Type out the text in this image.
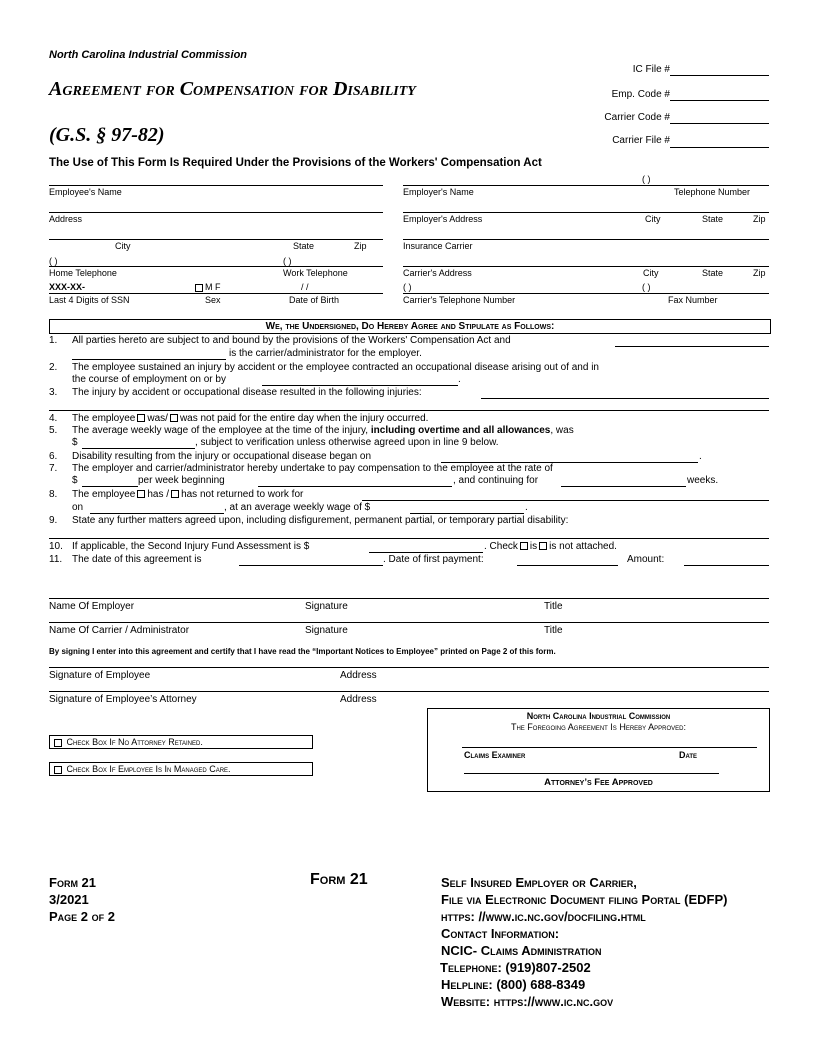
North Carolina Industrial Commission
Agreement for Compensation for Disability
(G.S. § 97-82)
The Use of This Form Is Required Under the Provisions of the Workers' Compensation Act
IC File #
Emp. Code #
Carrier Code #
Carrier File #
Employee's Name
Address
City	State	Zip
( )	( )
Home Telephone	Work Telephone
XXX-XX-	M F	/ /
Last 4 Digits of SSN	Sex	Date of Birth
( )
Employer's Name	Telephone Number
Employer's Address	City	State	Zip
Insurance Carrier
Carrier's Address	City	State	Zip
( )	( )
Carrier's Telephone Number	Fax Number
We, the Undersigned, Do Hereby Agree and Stipulate as Follows:
1. All parties hereto are subject to and bound by the provisions of the Workers' Compensation Act and
is the carrier/administrator for the employer.
2. The employee sustained an injury by accident or the employee contracted an occupational disease arising out of and in
the course of employment on or by	.
3. The injury by accident or occupational disease resulted in the following injuries:
4. The employee was/ was not paid for the entire day when the injury occurred.
5. The average weekly wage of the employee at the time of the injury, including overtime and all allowances, was
$	, subject to verification unless otherwise agreed upon in line 9 below.
6. Disability resulting from the injury or occupational disease began on	.
7. The employer and carrier/administrator hereby undertake to pay compensation to the employee at the rate of
$	per week beginning	, and continuing for	weeks.
8. The employee has / has not returned to work for
on	, at an average weekly wage of $	.
9. State any further matters agreed upon, including disfigurement, permanent partial, or temporary partial disability:
10. If applicable, the Second Injury Fund Assessment is $	. Check is is not attached.
11. The date of this agreement is	. Date of first payment:	Amount:
Name Of Employer	Signature	Title
Name Of Carrier / Administrator	Signature	Title
By signing I enter into this agreement and certify that I have read the “Important Notices to Employee” printed on Page 2 of this form.
Signature of Employee	Address
Signature of Employee’s Attorney	Address
Check Box If No Attorney Retained.
Check Box If Employee Is In Managed Care.
North Carolina Industrial Commission
The Foregoing Agreement Is Hereby Approved:
Claims Examiner	Date
Attorney’s Fee Approved
Form 21
3/2021
Page 2 of 2
Form 21	Self Insured Employer or Carrier,
File via Electronic Document filing Portal (EDFP)
https: //www.ic.nc.gov/docfiling.html
Contact Information:
NCIC- Claims Administration
Telephone: (919)807-2502
Helpline: (800) 688-8349
Website: https://www.ic.nc.gov
